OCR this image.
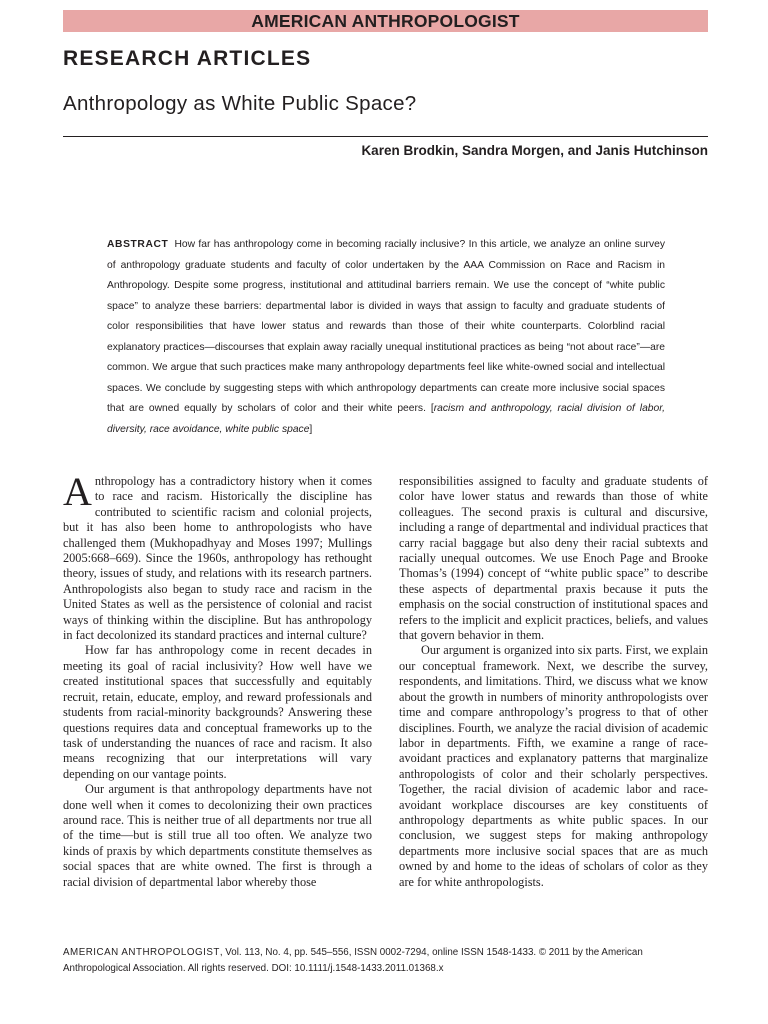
AMERICAN ANTHROPOLOGIST
RESEARCH ARTICLES
Anthropology as White Public Space?
Karen Brodkin, Sandra Morgen, and Janis Hutchinson
ABSTRACT How far has anthropology come in becoming racially inclusive? In this article, we analyze an online survey of anthropology graduate students and faculty of color undertaken by the AAA Commission on Race and Racism in Anthropology. Despite some progress, institutional and attitudinal barriers remain. We use the concept of “white public space” to analyze these barriers: departmental labor is divided in ways that assign to faculty and graduate students of color responsibilities that have lower status and rewards than those of their white counterparts. Colorblind racial explanatory practices—discourses that explain away racially unequal institutional practices as being “not about race”—are common. We argue that such practices make many anthropology departments feel like white-owned social and intellectual spaces. We conclude by suggesting steps with which anthropology departments can create more inclusive social spaces that are owned equally by scholars of color and their white peers. [racism and anthropology, racial division of labor, diversity, race avoidance, white public space]

Anthropology has a contradictory history when it comes to race and racism. Historically the discipline has contributed to scientific racism and colonial projects, but it has also been home to anthropologists who have challenged them (Mukhopadhyay and Moses 1997; Mullings 2005:668–669). Since the 1960s, anthropology has rethought theory, issues of study, and relations with its research partners. Anthropologists also began to study race and racism in the United States as well as the persistence of colonial and racist ways of thinking within the discipline. But has anthropology in fact decolonized its standard practices and internal culture?

How far has anthropology come in recent decades in meeting its goal of racial inclusivity? How well have we created institutional spaces that successfully and equitably recruit, retain, educate, employ, and reward professionals and students from racial-minority backgrounds? Answering these questions requires data and conceptual frameworks up to the task of understanding the nuances of race and racism. It also means recognizing that our interpretations will vary depending on our vantage points.

Our argument is that anthropology departments have not done well when it comes to decolonizing their own practices around race. This is neither true of all departments nor true all of the time—but is still true all too often. We analyze two kinds of praxis by which departments constitute themselves as social spaces that are white owned. The first is through a racial division of departmental labor whereby those

responsibilities assigned to faculty and graduate students of color have lower status and rewards than those of white colleagues. The second praxis is cultural and discursive, including a range of departmental and individual practices that carry racial baggage but also deny their racial subtexts and racially unequal outcomes. We use Enoch Page and Brooke Thomas’s (1994) concept of “white public space” to describe these aspects of departmental praxis because it puts the emphasis on the social construction of institutional spaces and refers to the implicit and explicit practices, beliefs, and values that govern behavior in them.

Our argument is organized into six parts. First, we explain our conceptual framework. Next, we describe the survey, respondents, and limitations. Third, we discuss what we know about the growth in numbers of minority anthropologists over time and compare anthropology’s progress to that of other disciplines. Fourth, we analyze the racial division of academic labor in departments. Fifth, we examine a range of race-avoidant practices and explanatory patterns that marginalize anthropologists of color and their scholarly perspectives. Together, the racial division of academic labor and race-avoidant workplace discourses are key constituents of anthropology departments as white public spaces. In our conclusion, we suggest steps for making anthropology departments more inclusive social spaces that are as much owned by and home to the ideas of scholars of color as they are for white anthropologists.

AMERICAN ANTHROPOLOGIST, Vol. 113, No. 4, pp. 545–556, ISSN 0002-7294, online ISSN 1548-1433. © 2011 by the American Anthropological Association. All rights reserved. DOI: 10.1111/j.1548-1433.2011.01368.x
